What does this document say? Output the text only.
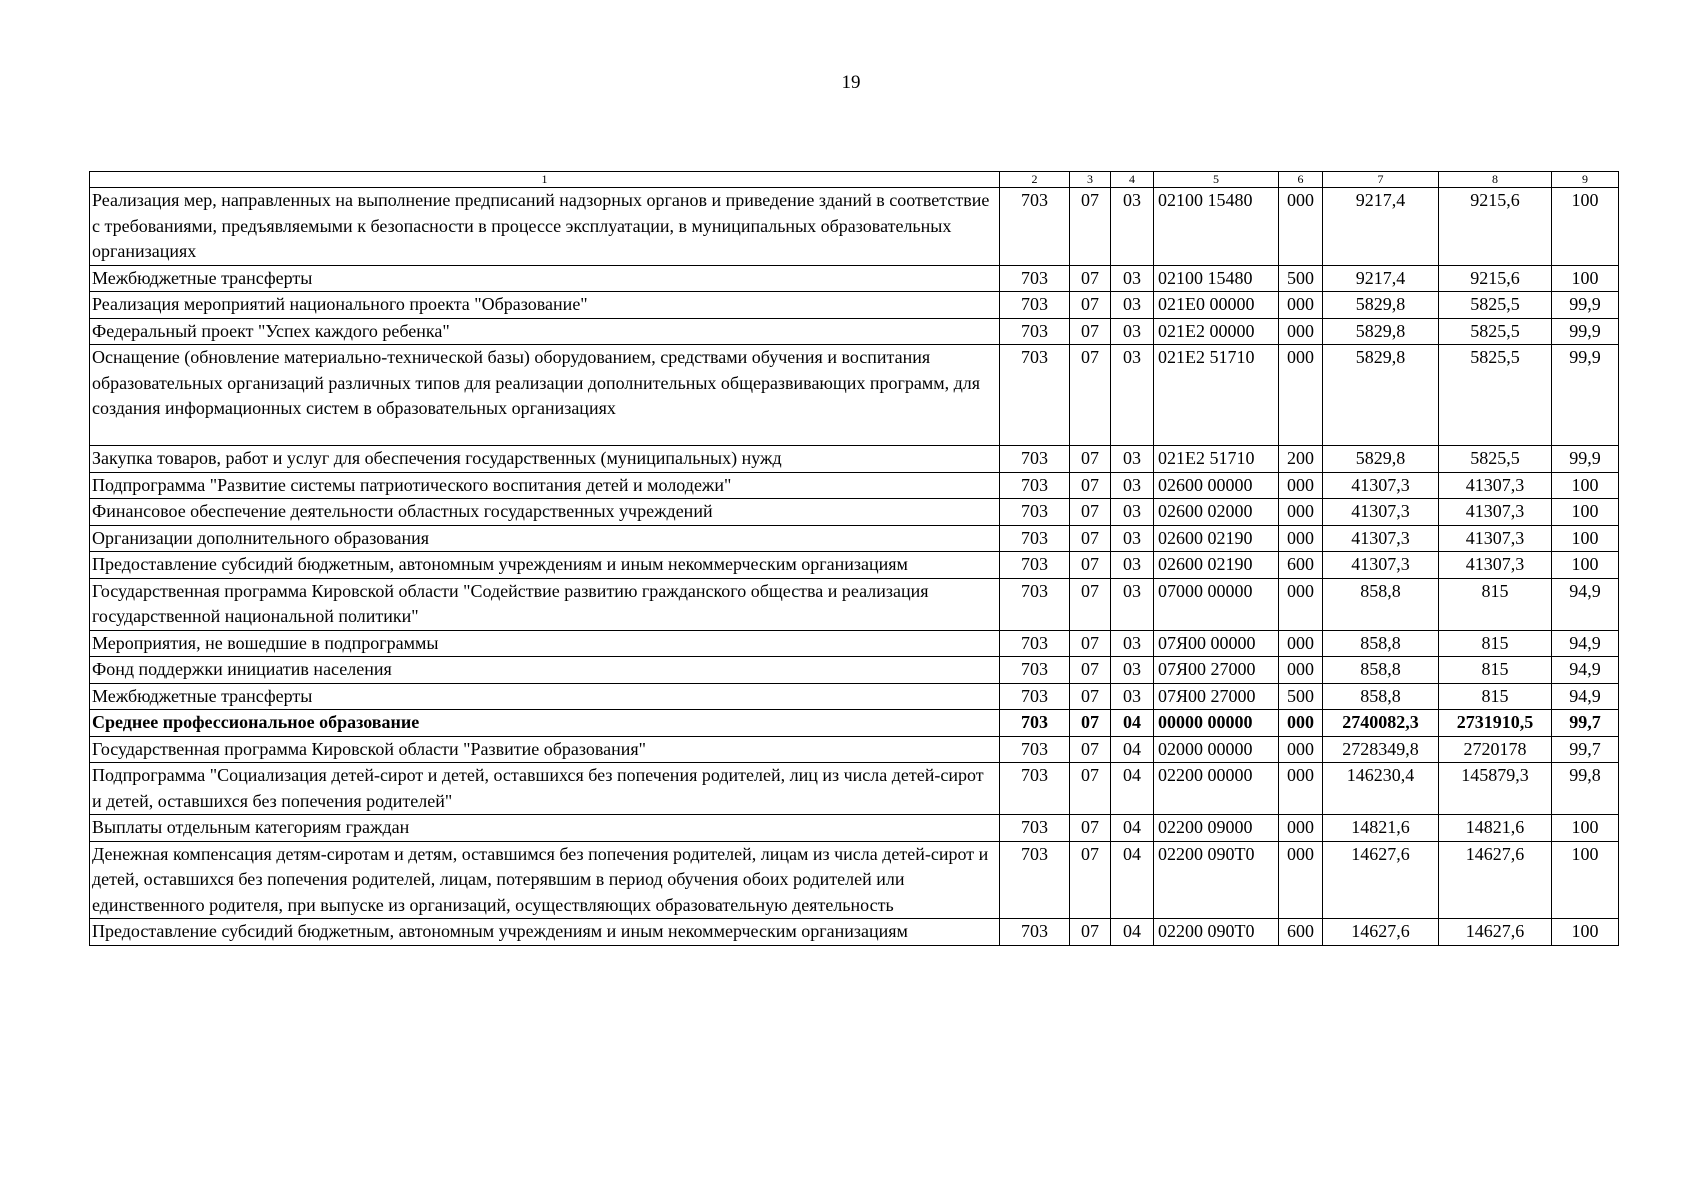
19
1	2	3	4	5	6	7	8	9
Реализация мер, направленных на выполнение предписаний надзорных органов и приведение зданий в соответствие с требованиями, предъявляемыми к безопасности в процессе эксплуатации, в муниципальных образовательных организациях	703	07	03	02100 15480	000	9217,4	9215,6	100
Межбюджетные трансферты	703	07	03	02100 15480	500	9217,4	9215,6	100
Реализация мероприятий национального проекта "Образование"	703	07	03	021Е0 00000	000	5829,8	5825,5	99,9
Федеральный проект "Успех каждого ребенка"	703	07	03	021Е2 00000	000	5829,8	5825,5	99,9
Оснащение (обновление материально-технической базы) оборудованием, средствами обучения и воспитания образовательных организаций различных типов для реализации дополнительных общеразвивающих программ, для создания информационных систем в образовательных организациях	703	07	03	021Е2 51710	000	5829,8	5825,5	99,9
Закупка товаров, работ и услуг для обеспечения государственных (муниципальных) нужд	703	07	03	021Е2 51710	200	5829,8	5825,5	99,9
Подпрограмма "Развитие системы патриотического воспитания детей и молодежи"	703	07	03	02600 00000	000	41307,3	41307,3	100
Финансовое обеспечение деятельности областных государственных учреждений	703	07	03	02600 02000	000	41307,3	41307,3	100
Организации дополнительного образования	703	07	03	02600 02190	000	41307,3	41307,3	100
Предоставление субсидий бюджетным, автономным учреждениям и иным некоммерческим организациям	703	07	03	02600 02190	600	41307,3	41307,3	100
Государственная программа Кировской области "Содействие развитию гражданского общества и реализация государственной национальной политики"	703	07	03	07000 00000	000	858,8	815	94,9
Мероприятия, не вошедшие в подпрограммы	703	07	03	07Я00 00000	000	858,8	815	94,9
Фонд поддержки инициатив населения	703	07	03	07Я00 27000	000	858,8	815	94,9
Межбюджетные трансферты	703	07	03	07Я00 27000	500	858,8	815	94,9
Среднее профессиональное образование	703	07	04	00000 00000	000	2740082,3	2731910,5	99,7
Государственная программа Кировской области "Развитие образования"	703	07	04	02000 00000	000	2728349,8	2720178	99,7
Подпрограмма "Социализация детей-сирот и детей, оставшихся без попечения родителей, лиц из числа детей-сирот и детей, оставшихся без попечения родителей"	703	07	04	02200 00000	000	146230,4	145879,3	99,8
Выплаты отдельным категориям граждан	703	07	04	02200 09000	000	14821,6	14821,6	100
Денежная компенсация детям-сиротам и детям, оставшимся без попечения родителей, лицам из числа детей-сирот и детей, оставшихся без попечения родителей, лицам, потерявшим в период обучения обоих родителей или единственного родителя, при выпуске из организаций, осуществляющих образовательную деятельность	703	07	04	02200 090Т0	000	14627,6	14627,6	100
Предоставление субсидий бюджетным, автономным учреждениям и иным некоммерческим организациям	703	07	04	02200 090Т0	600	14627,6	14627,6	100
